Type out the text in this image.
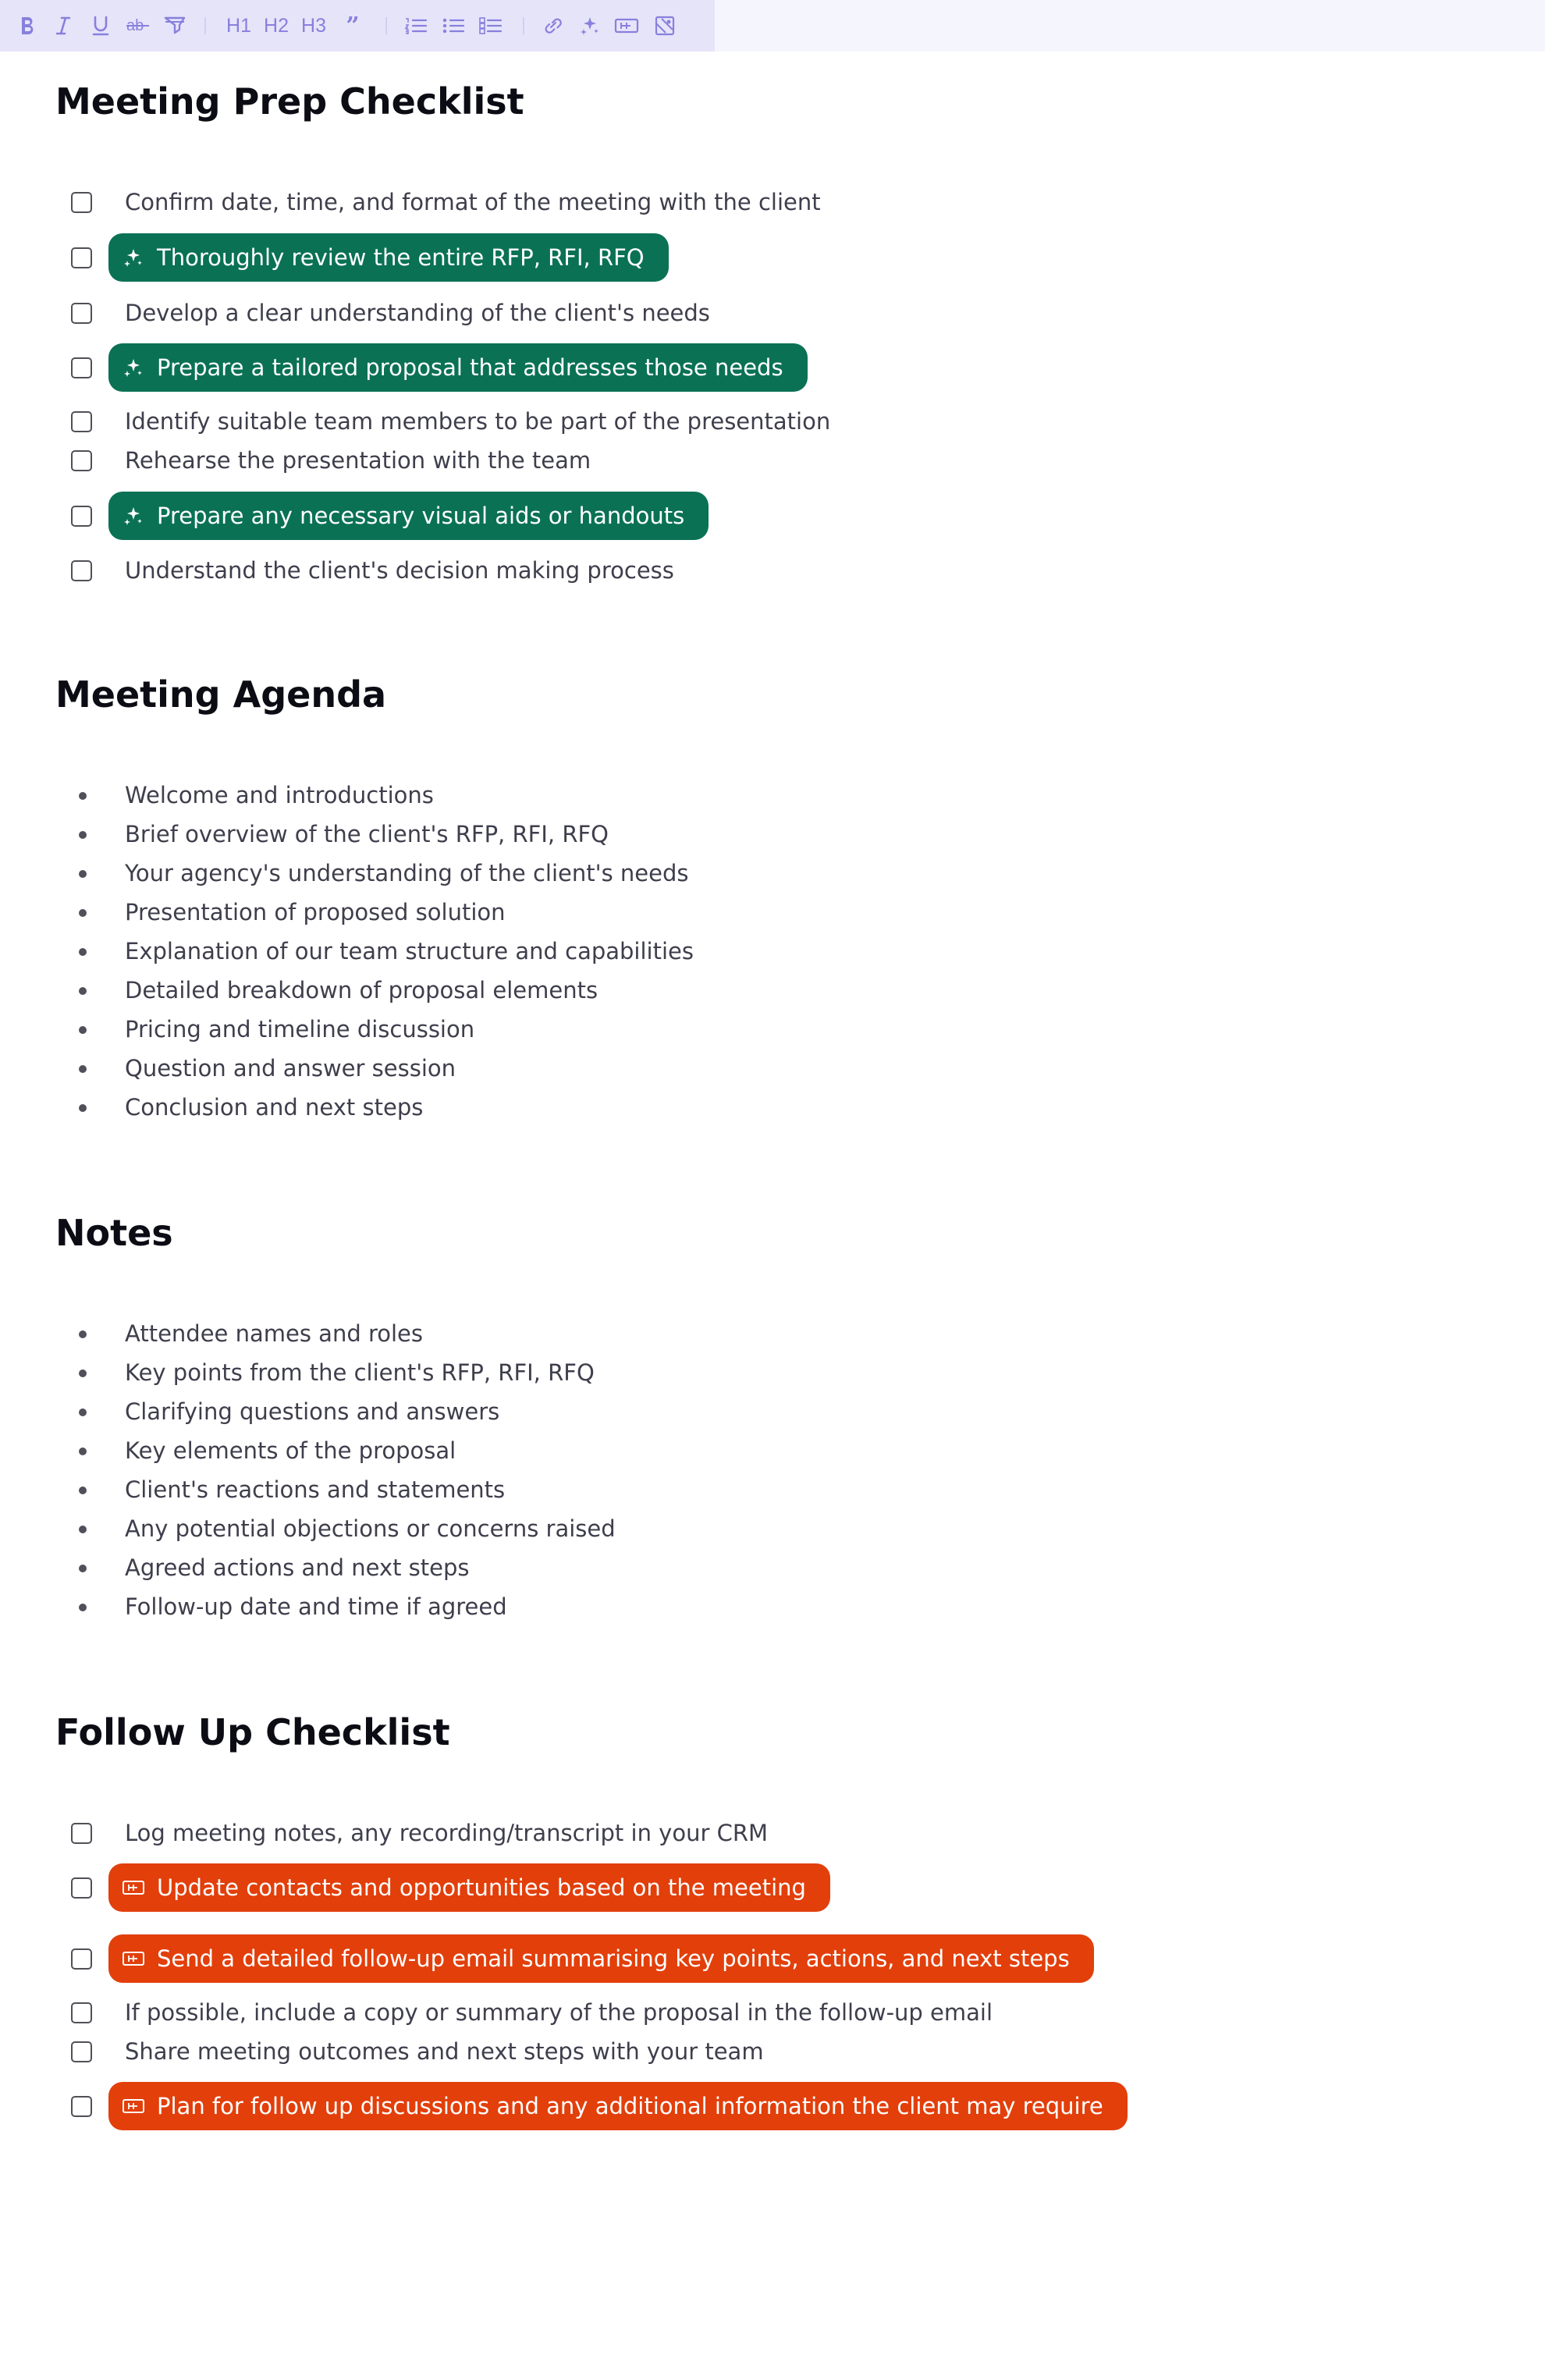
ab	H1 H2 H3 ”
Meeting Prep Checklist
Confirm date, time, and format of the meeting with the client
Thoroughly review the entire RFP, RFI, RFQ
Develop a clear understanding of the client's needs
Prepare a tailored proposal that addresses those needs
Identify suitable team members to be part of the presentation
Rehearse the presentation with the team
Prepare any necessary visual aids or handouts
Understand the client's decision making process
Meeting Agenda
Welcome and introductions
Brief overview of the client's RFP, RFI, RFQ
Your agency's understanding of the client's needs
Presentation of proposed solution
Explanation of our team structure and capabilities
Detailed breakdown of proposal elements
Pricing and timeline discussion
Question and answer session
Conclusion and next steps
Notes
Attendee names and roles
Key points from the client's RFP, RFI, RFQ
Clarifying questions and answers
Key elements of the proposal
Client's reactions and statements
Any potential objections or concerns raised
Agreed actions and next steps
Follow-up date and time if agreed
Follow Up Checklist
Log meeting notes, any recording/transcript in your CRM
Update contacts and opportunities based on the meeting
Send a detailed follow-up email summarising key points, actions, and next steps
If possible, include a copy or summary of the proposal in the follow-up email
Share meeting outcomes and next steps with your team
Plan for follow up discussions and any additional information the client may require
